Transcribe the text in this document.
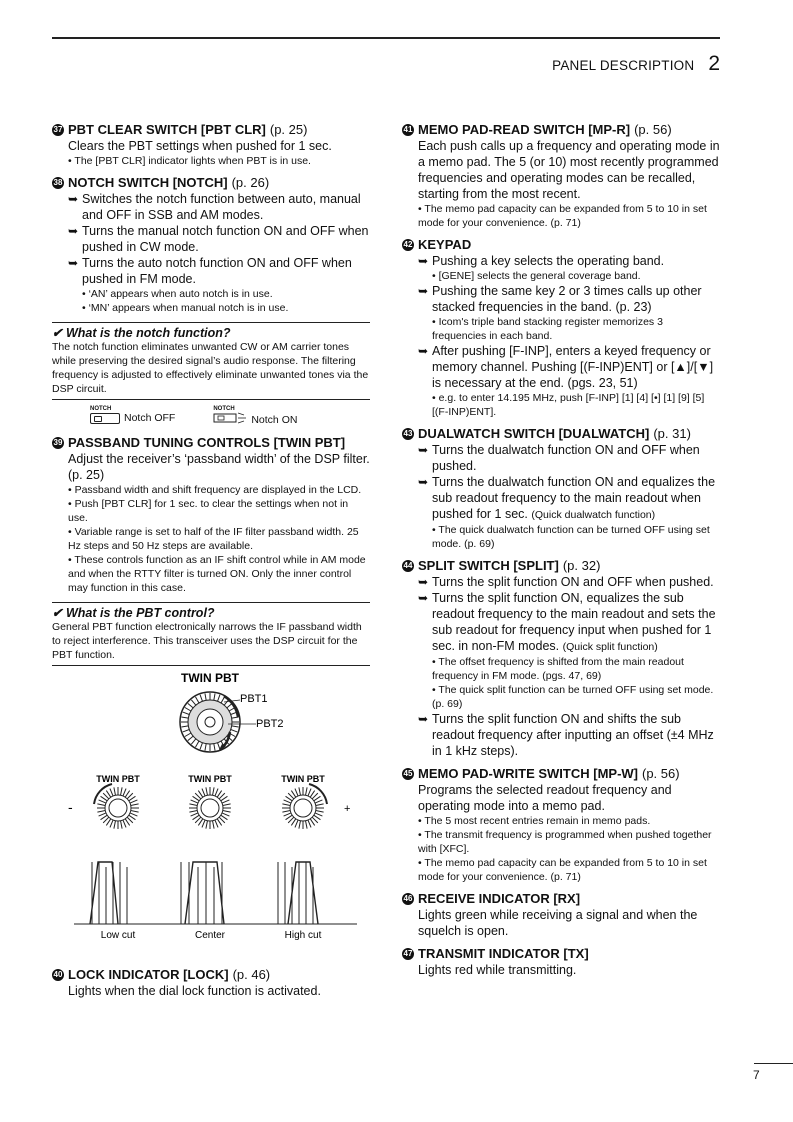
PANEL DESCRIPTION 2
37 PBT CLEAR SWITCH [PBT CLR] (p. 25)
Clears the PBT settings when pushed for 1 sec.
• The [PBT CLR] indicator lights when PBT is in use.
38 NOTCH SWITCH [NOTCH] (p. 26)
➥ Switches the notch function between auto, manual and OFF in SSB and AM modes.
➥ Turns the manual notch function ON and OFF when pushed in CW mode.
➥ Turns the auto notch function ON and OFF when pushed in FM mode.
• ‘AN’ appears when auto notch is in use.
• ‘MN’ appears when manual notch is in use.
✔ What is the notch function?
The notch function eliminates unwanted CW or AM carrier tones while preserving the desired signal’s audio response. The filtering frequency is adjusted to effectively eliminate unwanted tones via the DSP circuit.
NOTCH
Notch OFF
NOTCH
Notch ON
39 PASSBAND TUNING CONTROLS [TWIN PBT]
Adjust the receiver’s ‘passband width’ of the DSP filter. (p. 25)
• Passband width and shift frequency are displayed in the LCD.
• Push [PBT CLR] for 1 sec. to clear the settings when not in use.
• Variable range is set to half of the IF filter passband width. 25 Hz steps and 50 Hz steps are available.
• These controls function as an IF shift control while in AM mode and when the RTTY filter is turned ON. Only the inner control may function in this case.
✔ What is the PBT control?
General PBT function electronically narrows the IF passband width to reject interference. This transceiver uses the DSP circuit for the PBT function.
TWIN PBT
PBT1
PBT2
TWIN PBT	TWIN PBT	TWIN PBT
-	+
Low cut	Center	High cut
40 LOCK INDICATOR [LOCK] (p. 46)
Lights when the dial lock function is activated.
41 MEMO PAD-READ SWITCH [MP-R] (p. 56)
Each push calls up a frequency and operating mode in a memo pad. The 5 (or 10) most recently programmed frequencies and operating modes can be recalled, starting from the most recent.
• The memo pad capacity can be expanded from 5 to 10 in set mode for your convenience. (p. 71)
42 KEYPAD
➥ Pushing a key selects the operating band.
• [GENE] selects the general coverage band.
➥ Pushing the same key 2 or 3 times calls up other stacked frequencies in the band. (p. 23)
• Icom's triple band stacking register memorizes 3 frequencies in each band.
➥ After pushing [F-INP], enters a keyed frequency or memory channel. Pushing [(F-INP)ENT] or [▲]/[▼] is necessary at the end. (pgs. 23, 51)
• e.g. to enter 14.195 MHz, push [F-INP] [1] [4] [•] [1] [9] [5] [(F-INP)ENT].
43 DUALWATCH SWITCH [DUALWATCH] (p. 31)
➥ Turns the dualwatch function ON and OFF when pushed.
➥ Turns the dualwatch function ON and equalizes the sub readout frequency to the main readout when pushed for 1 sec. (Quick dualwatch function)
• The quick dualwatch function can be turned OFF using set mode. (p. 69)
44 SPLIT SWITCH [SPLIT] (p. 32)
➥ Turns the split function ON and OFF when pushed.
➥ Turns the split function ON, equalizes the sub readout frequency to the main readout and sets the sub readout for frequency input when pushed for 1 sec. in non-FM modes. (Quick split function)
• The offset frequency is shifted from the main readout frequency in FM mode. (pgs. 47, 69)
• The quick split function can be turned OFF using set mode. (p. 69)
➥ Turns the split function ON and shifts the sub readout frequency after inputting an offset (±4 MHz in 1 kHz steps).
45 MEMO PAD-WRITE SWITCH [MP-W] (p. 56)
Programs the selected readout frequency and operating mode into a memo pad.
• The 5 most recent entries remain in memo pads.
• The transmit frequency is programmed when pushed together with [XFC].
• The memo pad capacity can be expanded from 5 to 10 in set mode for your convenience. (p. 71)
46 RECEIVE INDICATOR [RX]
Lights green while receiving a signal and when the squelch is open.
47 TRANSMIT INDICATOR [TX]
Lights red while transmitting.
7
